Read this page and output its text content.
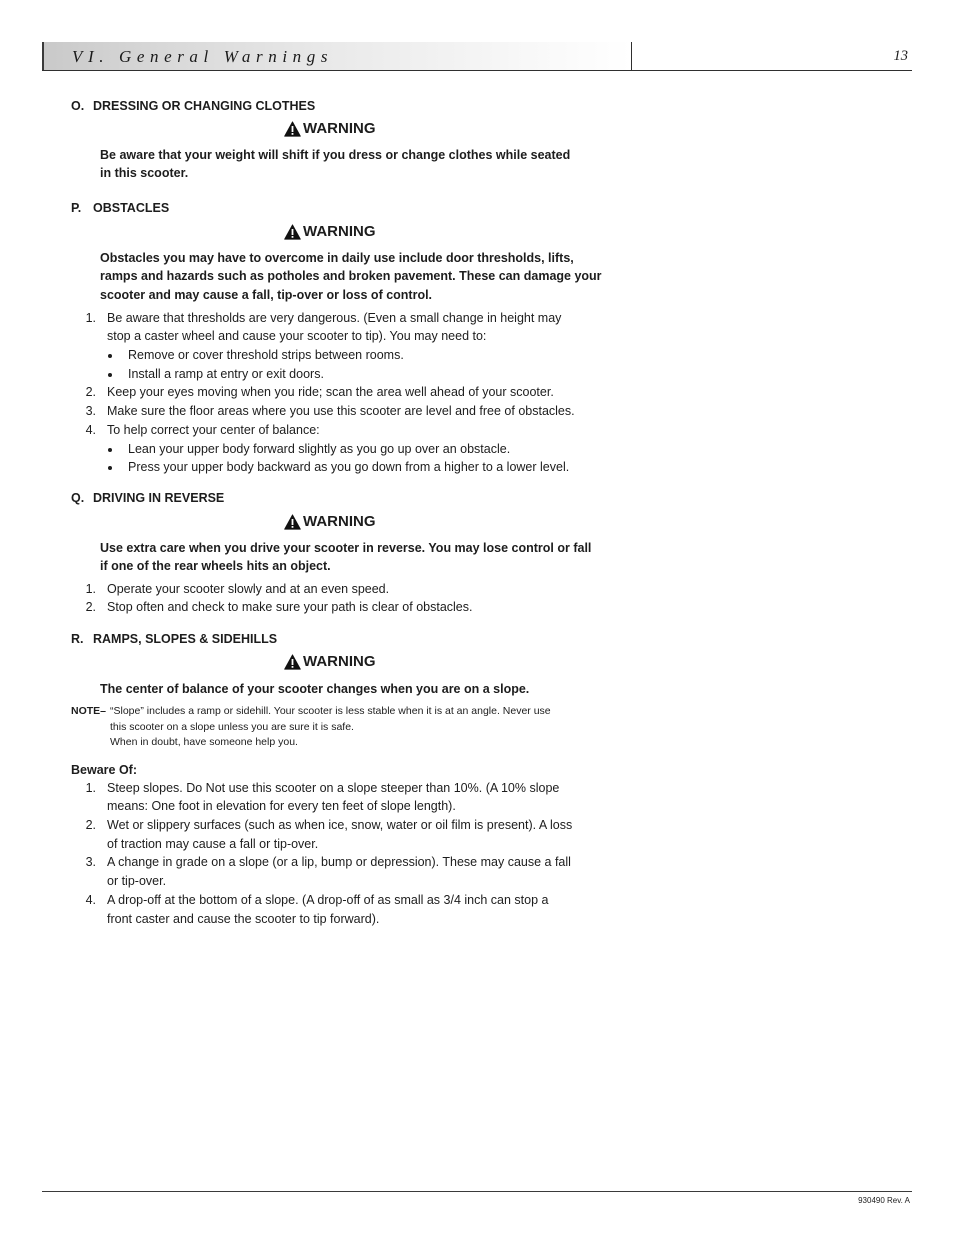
VI. General Warnings	13
O. DRESSING OR CHANGING CLOTHES
WARNING
Be aware that your weight will shift if you dress or change clothes while seated
in this scooter.
P. OBSTACLES
WARNING
Obstacles you may have to overcome in daily use include door thresholds, lifts,
ramps and hazards such as potholes and broken pavement. These can damage your
scooter and may cause a fall, tip-over or loss of control.
1. Be aware that thresholds are very dangerous. (Even a small change in height may
stop a caster wheel and cause your scooter to tip). You may need to:
Remove or cover threshold strips between rooms.
Install a ramp at entry or exit doors.
2. Keep your eyes moving when you ride; scan the area well ahead of your scooter.
3. Make sure the floor areas where you use this scooter are level and free of obstacles.
4. To help correct your center of balance:
Lean your upper body forward slightly as you go up over an obstacle.
Press your upper body backward as you go down from a higher to a lower level.
Q. DRIVING IN REVERSE
WARNING
Use extra care when you drive your scooter in reverse. You may lose control or fall
if one of the rear wheels hits an object.
1. Operate your scooter slowly and at an even speed.
2. Stop often and check to make sure your path is clear of obstacles.
R. RAMPS, SLOPES & SIDEHILLS
WARNING
The center of balance of your scooter changes when you are on a slope.
NOTE– “Slope” includes a ramp or sidehill. Your scooter is less stable when it is at an angle. Never use
this scooter on a slope unless you are sure it is safe.
When in doubt, have someone help you.
Beware Of:
1. Steep slopes. Do Not use this scooter on a slope steeper than 10%. (A 10% slope
means: One foot in elevation for every ten feet of slope length).
2. Wet or slippery surfaces (such as when ice, snow, water or oil film is present). A loss
of traction may cause a fall or tip-over.
3. A change in grade on a slope (or a lip, bump or depression). These may cause a fall
or tip-over.
4. A drop-off at the bottom of a slope. (A drop-off of as small as 3/4 inch can stop a
front caster and cause the scooter to tip forward).
930490 Rev. A
